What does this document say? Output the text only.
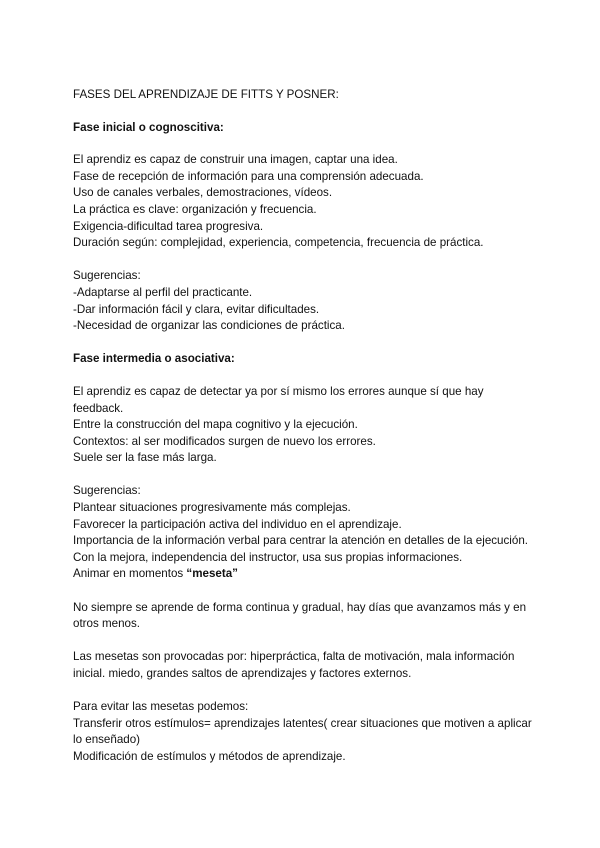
FASES DEL APRENDIZAJE DE FITTS Y POSNER:

Fase inicial o cognoscitiva:

El aprendiz es capaz de construir una imagen, captar una idea.

Fase de recepción de información para una comprensión adecuada.

Uso de canales verbales, demostraciones, vídeos.

La práctica es clave: organización y frecuencia.

Exigencia-dificultad tarea progresiva.

Duración según: complejidad, experiencia, competencia, frecuencia de práctica.

Sugerencias:

-Adaptarse al perfil del practicante.

-Dar información fácil y clara, evitar dificultades.

-Necesidad de organizar las condiciones de práctica.

Fase intermedia o asociativa:

El aprendiz es capaz de detectar ya por sí mismo los errores aunque sí que hay feedback.

Entre la construcción del mapa cognitivo y la ejecución.

Contextos: al ser modificados surgen de nuevo los errores.

Suele ser la fase más larga.

Sugerencias:

Plantear situaciones progresivamente más complejas.

Favorecer la participación activa del individuo en el aprendizaje.

Importancia de la información verbal para centrar la atención en detalles de la ejecución.

Con la mejora, independencia del instructor, usa sus propias informaciones.

Animar en momentos “meseta”

No siempre se aprende de forma continua y gradual, hay días que avanzamos más y en otros menos.

Las mesetas son provocadas por: hiperpráctica, falta de motivación, mala información inicial. miedo, grandes saltos de aprendizajes y factores externos.

Para evitar las mesetas podemos:

Transferir otros estímulos= aprendizajes latentes( crear situaciones que motiven a aplicar lo enseñado)

Modificación de estímulos y métodos de aprendizaje.
